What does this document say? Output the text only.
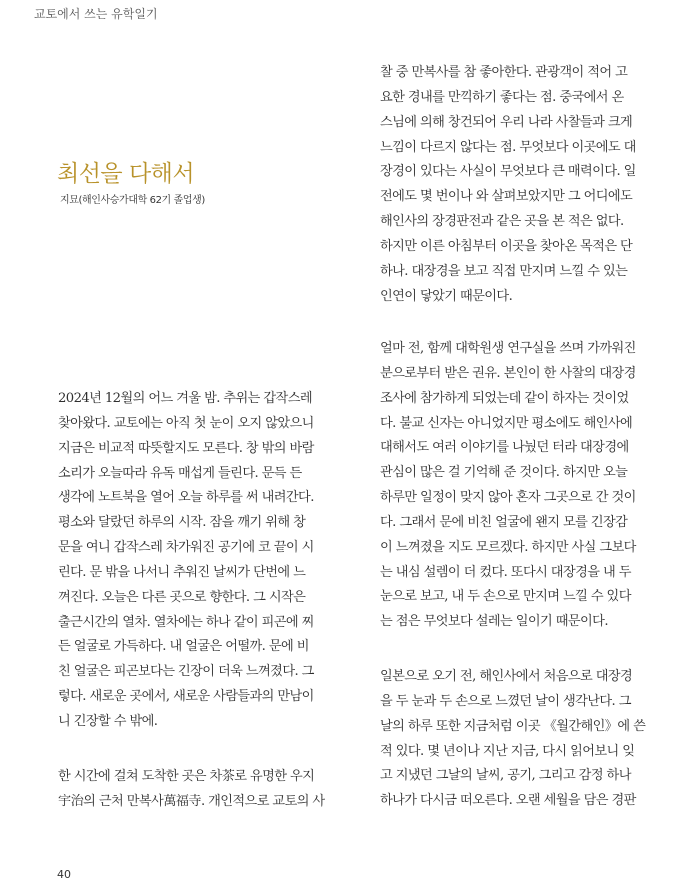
교토에서 쓰는 유학일기
최선을 다해서
지묘(해인사승가대학 62기 졸업생)

2024년 12월의 어느 겨울 밤. 추위는 갑작스레
찾아왔다. 교토에는 아직 첫 눈이 오지 않았으니
지금은 비교적 따뜻할지도 모른다. 창 밖의 바람
소리가 오늘따라 유독 매섭게 들린다. 문득 든
생각에 노트북을 열어 오늘 하루를 써 내려간다.
평소와 달랐던 하루의 시작. 잠을 깨기 위해 창
문을 여니 갑작스레 차가워진 공기에 코 끝이 시
린다. 문 밖을 나서니 추워진 날씨가 단번에 느
껴진다. 오늘은 다른 곳으로 향한다. 그 시작은
출근시간의 열차. 열차에는 하나 같이 피곤에 찌
든 얼굴로 가득하다. 내 얼굴은 어떨까. 문에 비
친 얼굴은 피곤보다는 긴장이 더욱 느껴졌다. 그
렇다. 새로운 곳에서, 새로운 사람들과의 만남이
니 긴장할 수 밖에.

한 시간에 걸쳐 도착한 곳은 차茶로 유명한 우지
宇治의 근처 만복사萬福寺. 개인적으로 교토의 사

찰 중 만복사를 참 좋아한다. 관광객이 적어 고
요한 경내를 만끽하기 좋다는 점. 중국에서 온
스님에 의해 창건되어 우리 나라 사찰들과 크게
느낌이 다르지 않다는 점. 무엇보다 이곳에도 대
장경이 있다는 사실이 무엇보다 큰 매력이다. 일
전에도 몇 번이나 와 살펴보았지만 그 어디에도
해인사의 장경판전과 같은 곳을 본 적은 없다.
하지만 이른 아침부터 이곳을 찾아온 목적은 단
하나. 대장경을 보고 직접 만지며 느낄 수 있는
인연이 닿았기 때문이다.

얼마 전, 함께 대학원생 연구실을 쓰며 가까워진
분으로부터 받은 권유. 본인이 한 사찰의 대장경
조사에 참가하게 되었는데 같이 하자는 것이었
다. 불교 신자는 아니었지만 평소에도 해인사에
대해서도 여러 이야기를 나눴던 터라 대장경에
관심이 많은 걸 기억해 준 것이다. 하지만 오늘
하루만 일정이 맞지 않아 혼자 그곳으로 간 것이
다. 그래서 문에 비친 얼굴에 왠지 모를 긴장감
이 느껴졌을 지도 모르겠다. 하지만 사실 그보다
는 내심 설렘이 더 컸다. 또다시 대장경을 내 두
눈으로 보고, 내 두 손으로 만지며 느낄 수 있다
는 점은 무엇보다 설레는 일이기 때문이다.

일본으로 오기 전, 해인사에서 처음으로 대장경
을 두 눈과 두 손으로 느꼈던 날이 생각난다. 그
날의 하루 또한 지금처럼 이곳 《월간해인》에 쓴
적 있다. 몇 년이나 지난 지금, 다시 읽어보니 잊
고 지냈던 그날의 날씨, 공기, 그리고 감정 하나
하나가 다시금 떠오른다. 오랜 세월을 담은 경판

40
